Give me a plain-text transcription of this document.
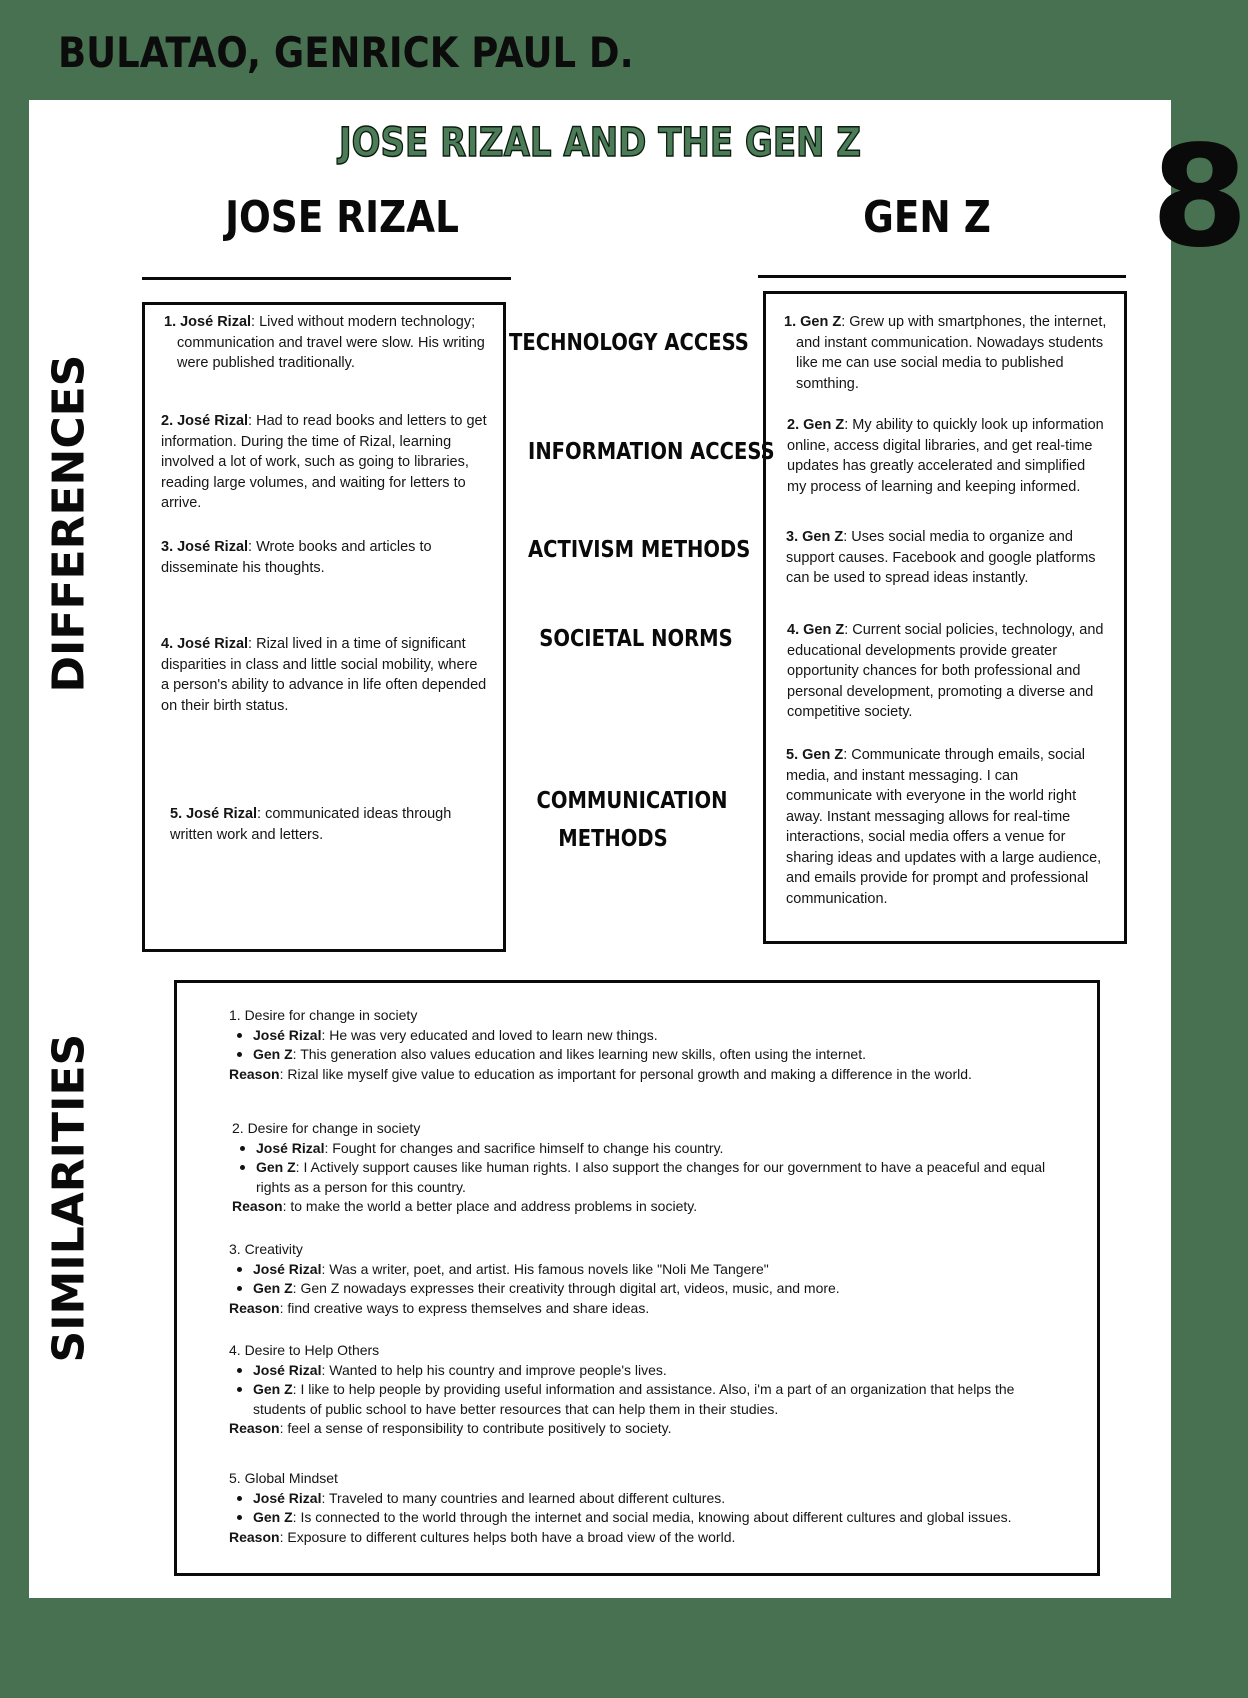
BULATAO, GENRICK PAUL D.
JOSE RIZAL AND THE GEN Z	8
JOSE RIZAL	GEN Z
DIFFERENCES
TECHNOLOGY ACCESS
INFORMATION ACCESS
ACTIVISM METHODS
SOCIETAL NORMS
COMMUNICATION METHODS
1. José Rizal: Lived without modern technology; communication and travel were slow. His writing were published traditionally.
2. José Rizal: Had to read books and letters to get information. During the time of Rizal, learning involved a lot of work, such as going to libraries, reading large volumes, and waiting for letters to arrive.
3. José Rizal: Wrote books and articles to disseminate his thoughts.
4. José Rizal: Rizal lived in a time of significant disparities in class and little social mobility, where a person's ability to advance in life often depended on their birth status.
5. José Rizal: communicated ideas through written work and letters.
1. Gen Z: Grew up with smartphones, the internet, and instant communication. Nowadays students like me can use social media to published somthing.
2. Gen Z: My ability to quickly look up information online, access digital libraries, and get real-time updates has greatly accelerated and simplified my process of learning and keeping informed.
3. Gen Z: Uses social media to organize and support causes. Facebook and google platforms can be used to spread ideas instantly.
4. Gen Z: Current social policies, technology, and educational developments provide greater opportunity chances for both professional and personal development, promoting a diverse and competitive society.
5. Gen Z: Communicate through emails, social media, and instant messaging. I can communicate with everyone in the world right away. Instant messaging allows for real-time interactions, social media offers a venue for sharing ideas and updates with a large audience, and emails provide for prompt and professional communication.
SIMILARITIES
1. Desire for change in society
José Rizal: He was very educated and loved to learn new things.
Gen Z: This generation also values education and likes learning new skills, often using the internet.
Reason: Rizal like myself give value to education as important for personal growth and making a difference in the world.
2. Desire for change in society
José Rizal: Fought for changes and sacrifice himself to change his country.
Gen Z: I Actively support causes like human rights. I also support the changes for our government to have a peaceful and equal rights as a person for this country.
Reason: to make the world a better place and address problems in society.
3. Creativity
José Rizal: Was a writer, poet, and artist. His famous novels like "Noli Me Tangere"
Gen Z: Gen Z nowadays expresses their creativity through digital art, videos, music, and more.
Reason: find creative ways to express themselves and share ideas.
4. Desire to Help Others
José Rizal: Wanted to help his country and improve people's lives.
Gen Z: I like to help people by providing useful information and assistance. Also, i'm a part of an organization that helps the students of public school to have better resources that can help them in their studies.
Reason: feel a sense of responsibility to contribute positively to society.
5. Global Mindset
José Rizal: Traveled to many countries and learned about different cultures.
Gen Z: Is connected to the world through the internet and social media, knowing about different cultures and global issues.
Reason: Exposure to different cultures helps both have a broad view of the world.
